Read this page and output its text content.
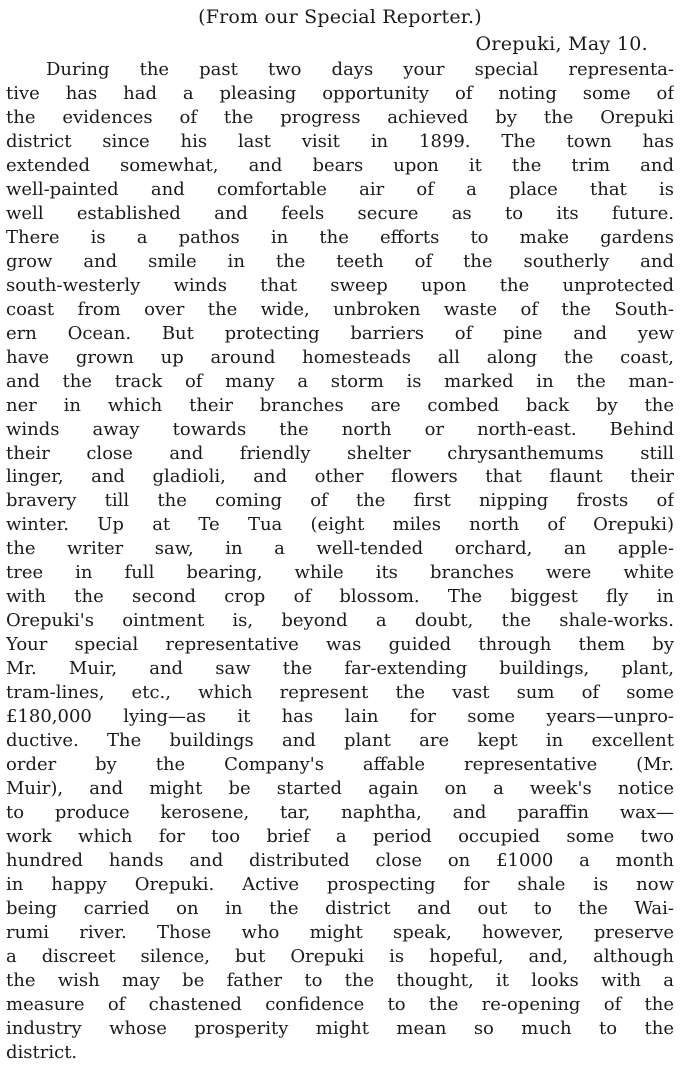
(From our Special Reporter.)

Orepuki, May 10.

During the past two days your special representa-
tive has had a pleasing opportunity of noting some of
the evidences of the progress achieved by the Orepuki
district since his last visit in 1899. The town has
extended somewhat, and bears upon it the trim and
well-painted and comfortable air of a place that is
well established and feels secure as to its future.
There is a pathos in the efforts to make gardens
grow and smile in the teeth of the southerly and
south-westerly winds that sweep upon the unprotected
coast from over the wide, unbroken waste of the South-
ern Ocean. But protecting barriers of pine and yew
have grown up around homesteads all along the coast,
and the track of many a storm is marked in the man-
ner in which their branches are combed back by the
winds away towards the north or north-east. Behind
their close and friendly shelter chrysanthemums still
linger, and gladioli, and other flowers that flaunt their
bravery till the coming of the first nipping frosts of
winter. Up at Te Tua (eight miles north of Orepuki)
the writer saw, in a well-tended orchard, an apple-
tree in full bearing, while its branches were white
with the second crop of blossom. The biggest fly in
Orepuki's ointment is, beyond a doubt, the shale-works.
Your special representative was guided through them by
Mr. Muir, and saw the far-extending buildings, plant,
tram-lines, etc., which represent the vast sum of some
£180,000 lying—as it has lain for some years—unpro-
ductive. The buildings and plant are kept in excellent
order by the Company's affable representative (Mr.
Muir), and might be started again on a week's notice
to produce kerosene, tar, naphtha, and paraffin wax—
work which for too brief a period occupied some two
hundred hands and distributed close on £1000 a month
in happy Orepuki. Active prospecting for shale is now
being carried on in the district and out to the Wai-
rumi river. Those who might speak, however, preserve
a discreet silence, but Orepuki is hopeful, and, although
the wish may be father to the thought, it looks with a
measure of chastened confidence to the re-opening of the
industry whose prosperity might mean so much to the
district.
